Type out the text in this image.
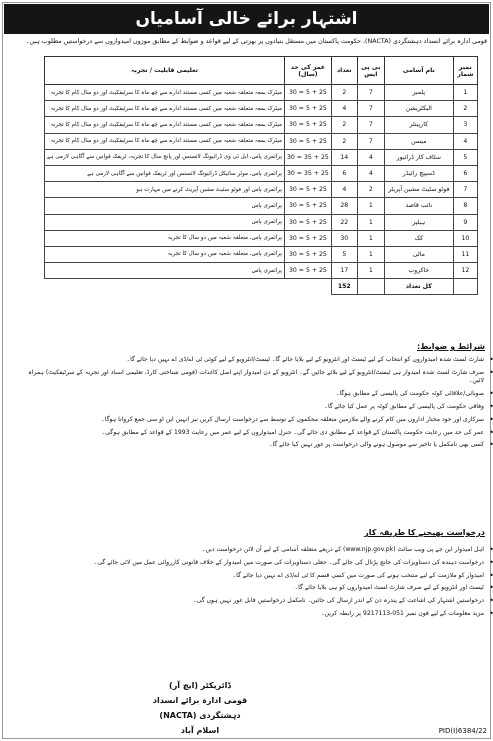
اشتہار برائے خالی آسامیاں
قومی ادارہ برائے انسداد دہشتگردی (NACTA)، حکومت پاکستان میں مستقل بنیادوں پر بھرتی کے لیے قواعد و ضوابط کے مطابق موزوں امیدواروں سے درخواستیں مطلوب ہیں۔
نمبر شمار	نام آسامی	بی پی ایس	تعداد	عمر کی حد (سال)	تعلیمی قابلیت / تجربہ
1	پلمبر	7	2	25 + 5 = 30	میٹرک بمعہ متعلقہ شعبہ میں کسی مستند ادارے سے چھ ماہ کا سرٹیفکیٹ اور دو سال کام کا تجربہ
2	الیکٹریشن	7	4	25 + 5 = 30	میٹرک بمعہ متعلقہ شعبہ میں کسی مستند ادارے سے چھ ماہ کا سرٹیفکیٹ اور دو سال کام کا تجربہ
3	کارپینٹر	7	2	25 + 5 = 30	میٹرک بمعہ متعلقہ شعبہ میں کسی مستند ادارے سے چھ ماہ کا سرٹیفکیٹ اور دو سال کام کا تجربہ
4	میسن	7	2	25 + 5 = 30	میٹرک بمعہ متعلقہ شعبہ میں کسی مستند ادارے سے چھ ماہ کا سرٹیفکیٹ اور دو سال کام کا تجربہ
5	سٹاف کار ڈرائیور	4	14	25 + 35 = 30	پرائمری پاس، ایل ٹی وی ڈرائیونگ لائسنس اور پانچ سال کا تجربہ، ٹریفک قوانین سے آگاہی لازمی ہے
6	ڈسپیچ رائیڈر	4	6	25 + 35 = 30	پرائمری پاس، موٹر سائیکل ڈرائیونگ لائسنس اور ٹریفک قوانین سے آگاہی لازمی ہے
7	فوٹو سٹیٹ مشین آپریٹر	2	4	25 + 5 = 30	پرائمری پاس اور فوٹو سٹیٹ مشین آپریٹ کرنے میں مہارت ہو
8	نائب قاصد	1	28	25 + 5 = 30	پرائمری پاس
9	ہیلپر	1	22	25 + 5 = 30	پرائمری پاس
10	کک	1	30	25 + 5 = 30	پرائمری پاس، متعلقہ شعبہ میں دو سال کا تجربہ
11	مالی	1	5	25 + 5 = 30	پرائمری پاس، متعلقہ شعبہ میں دو سال کا تجربہ
12	خاکروب	1	17	25 + 5 = 30	پرائمری پاس
	کل تعداد		152		
شرائط و ضوابط:
• شارٹ لسٹ شدہ امیدواروں کو انتخاب کے لیے ٹیسٹ اور انٹرویو کے لیے بلایا جائے گا۔ ٹیسٹ/انٹرویو کے لیے کوئی ٹی اے/ڈی اے نہیں دیا جائے گا۔
• صرف شارٹ لسٹ شدہ امیدوار ہی ٹیسٹ/انٹرویو کے لیے بلائے جائیں گے۔ انٹرویو کے دن امیدوار اپنے اصل کاغذات (قومی شناختی کارڈ، تعلیمی اسناد اور تجربہ کے سرٹیفکیٹ) ہمراہ لائیں۔
• صوبائی/علاقائی کوٹہ حکومت کی پالیسی کے مطابق ہوگا۔
• وفاقی حکومت کی پالیسی کے مطابق کوٹہ پر عمل کیا جائے گا۔
• سرکاری اور خود مختار اداروں میں کام کرنے والے ملازمین متعلقہ محکموں کے توسط سے درخواست ارسال کریں نیز انہیں این او سی جمع کروانا ہوگا۔
• عمر کی حد میں رعایت حکومت پاکستان کے قواعد کے مطابق دی جائے گی۔ جنرل امیدواروں کے لیے عمر میں رعایت 1993 کے قواعد کے مطابق ہوگی۔
• کسی بھی نامکمل یا تاخیر سے موصول ہونے والی درخواست پر غور نہیں کیا جائے گا۔
درخواست بھیجنے کا طریقہ کار
• اہل امیدوار این جے پی ویب سائٹ (www.njp.gov.pk) کے ذریعے متعلقہ آسامی کے لیے آن لائن درخواست دیں۔
• درخواست دہندہ کی دستاویزات کی جانچ پڑتال کی جائے گی۔ جعلی دستاویزات کی صورت میں امیدوار کے خلاف قانونی کارروائی عمل میں لائی جائے گی۔
• امیدوار کو ملازمت کے لیے منتخب ہونے کی صورت میں کسی قسم کا ٹی اے/ڈی اے نہیں دیا جائے گا۔
• ٹیسٹ اور انٹرویو کے لیے صرف شارٹ لسٹ امیدواروں کو ہی بلایا جائے گا۔
• درخواستیں اشتہار کی اشاعت کے پندرہ دن کے اندر ارسال کی جائیں۔ نامکمل درخواستیں قابل غور نہیں ہوں گی۔
• مزید معلومات کے لیے فون نمبر 051-9217113 پر رابطہ کریں۔
ڈائریکٹر (ایچ آر)
قومی ادارہ برائے انسداد دہشتگردی (NACTA)
اسلام آباد	PID(I)6384/22
